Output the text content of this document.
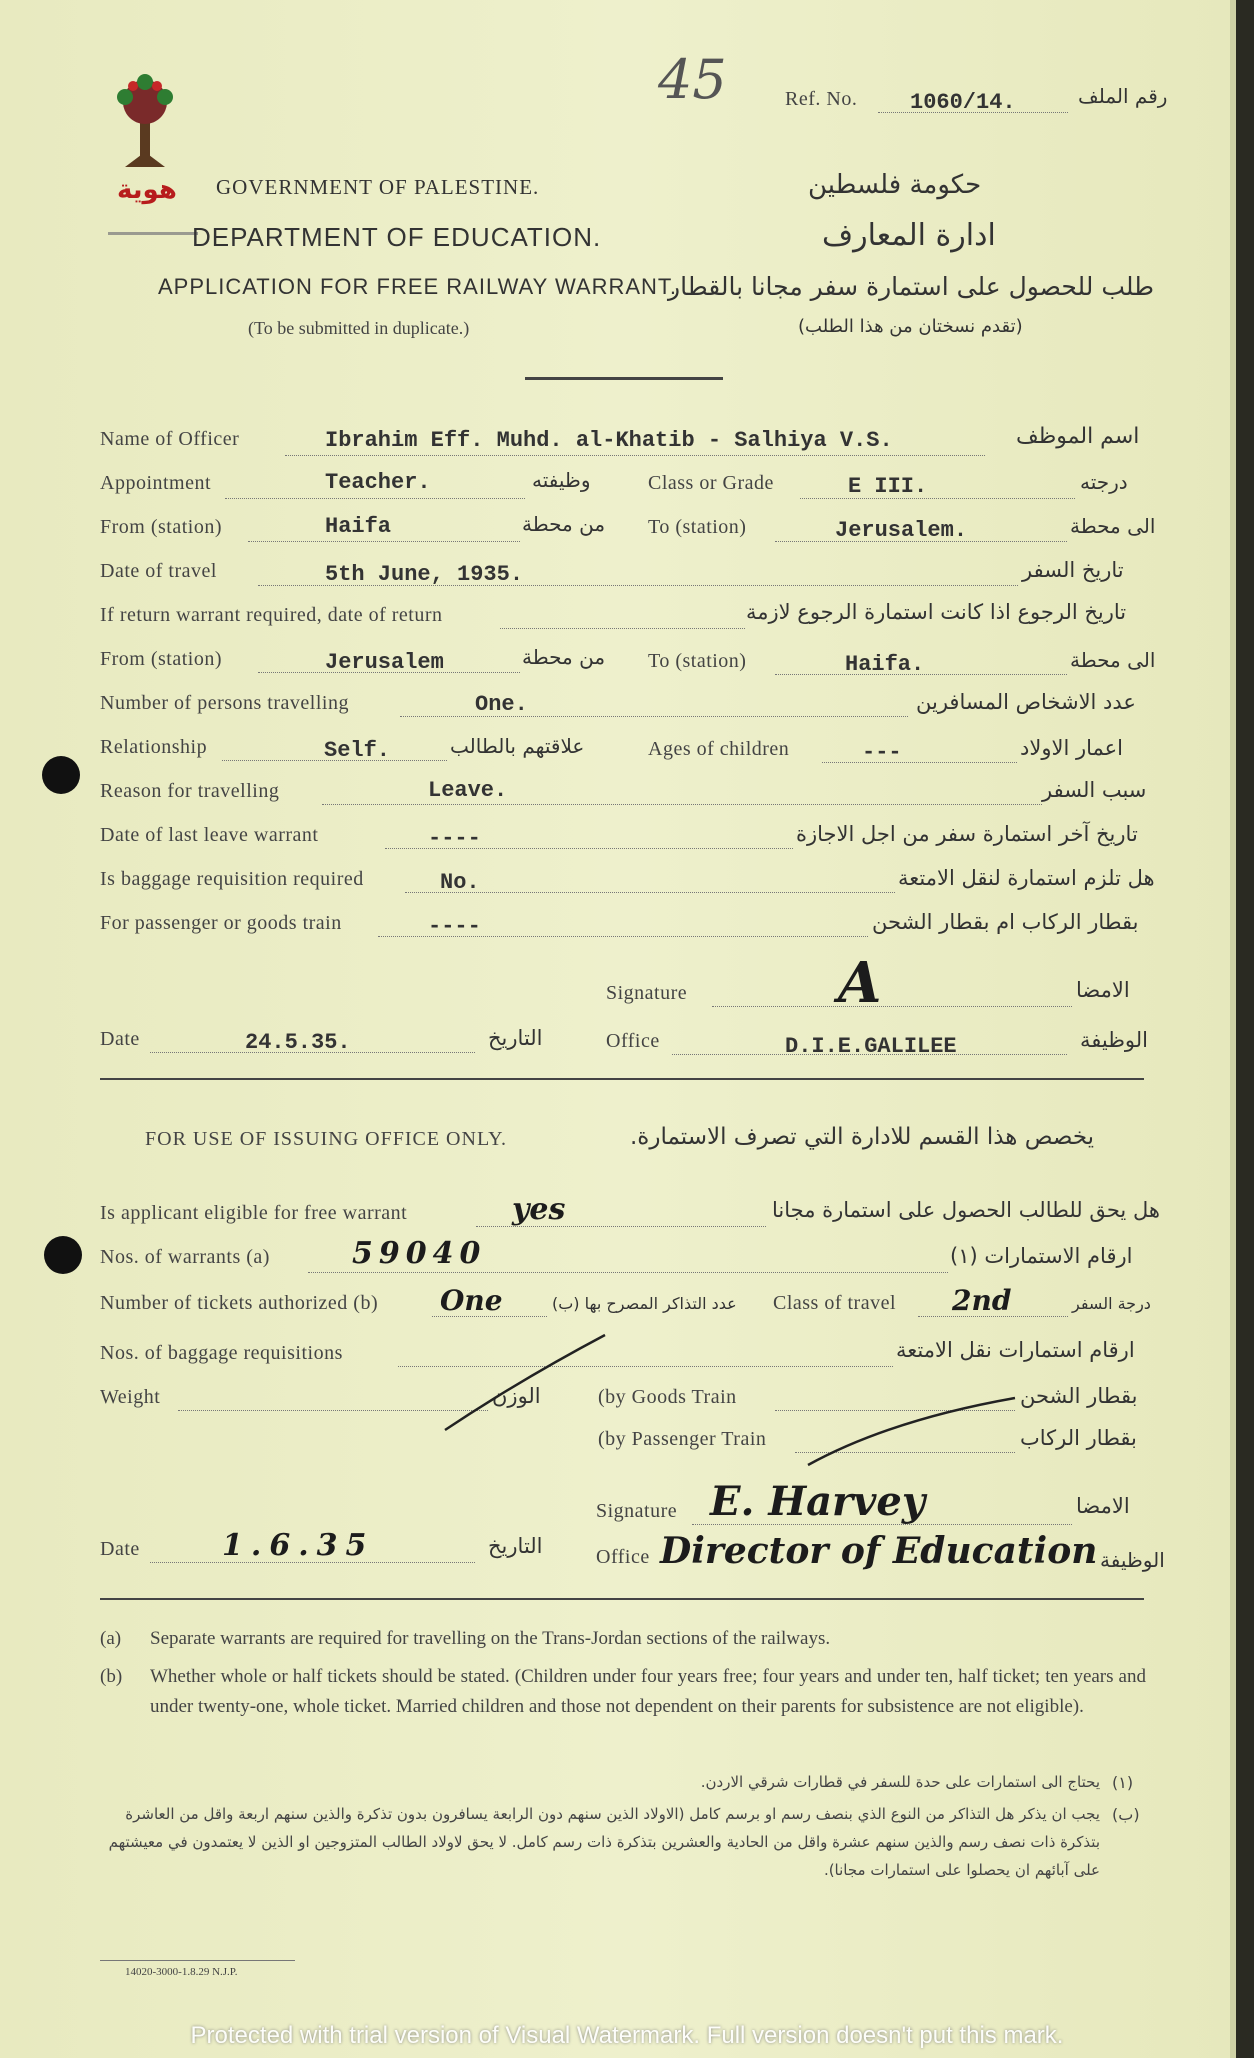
هوية
45	Ref. No. 1060/14.	رقم الملف
GOVERNMENT OF PALESTINE.	حكومة فلسطين
DEPARTMENT OF EDUCATION.	ادارة المعارف
APPLICATION FOR FREE RAILWAY WARRANT.
طلب للحصول على استمارة سفر مجانا بالقطار
(To be submitted in duplicate.)	(تقدم نسختان من هذا الطلب)
Name of Officer	Ibrahim Eff. Muhd. al-Khatib - Salhiya V.S.	اسم الموظف
Appointment	Teacher.	وظيفته	Class or Grade	E III.	درجته
From (station)	Haifa	من محطة To (station)	Jerusalem.	الى محطة
Date of travel	5th June, 1935.	تاريخ السفر
If return warrant required, date of return	تاريخ الرجوع اذا كانت استمارة الرجوع لازمة
From (station)	Jerusalem	من محطة To (station)	Haifa.	الى محطة
Number of persons travelling	One.	عدد الاشخاص المسافرين
Relationship	Self.	علاقتهم بالطالب	Ages of children	---	اعمار الاولاد
Reason for travelling	Leave.	سبب السفر
Date of last leave warrant	----	تاريخ آخر استمارة سفر من اجل الاجازة
Is baggage requisition required	No.	هل تلزم استمارة لنقل الامتعة
For passenger or goods train	----	بقطار الركاب ام بقطار الشحن
Signature	A	الامضا
Date	24.5.35.	التاريخ	Office	D.I.E.GALILEE	الوظيفة
FOR USE OF ISSUING OFFICE ONLY.	يخصص هذا القسم للادارة التي تصرف الاستمارة.
Is applicant eligible for free warrant	yes	هل يحق للطالب الحصول على استمارة مجانا
Nos. of warrants (a)	59040	ارقام الاستمارات (١)
Number of tickets authorized (b) One	عدد التذاكر المصرح بها (ب) Class of travel 2nd	درجة السفر
Nos. of baggage requisitions	ارقام استمارات نقل الامتعة
Weight	الوزن	(by Goods Train	بقطار الشحن
(by Passenger Train	بقطار الركاب
Signature E. Harvey	الامضا
Date	1.6.35	التاريخ	Office Director of Education الوظيفة
(a) Separate warrants are required for travelling on the Trans-Jordan sections of the railways.
(b) Whether whole or half tickets should be stated. (Children under four years free; four years and under ten, half ticket; ten years and under twenty-one, whole ticket. Married children and those not dependent on their parents for subsistence are not eligible).
يحتاج الى استمارات على حدة للسفر في قطارات شرقي الاردن. (١)
يجب ان يذكر هل التذاكر من النوع الذي بنصف رسم او برسم كامل (الاولاد الذين سنهم دون الرابعة يسافرون بدون تذكرة والذين سنهم اربعة واقل من العاشرة بتذكرة ذات نصف رسم والذين سنهم عشرة واقل من الحادية والعشرين بتذكرة ذات رسم كامل. لا يحق لاولاد الطالب المتزوجين او الذين لا يعتمدون في معيشتهم على آبائهم ان يحصلوا على استمارات مجانا).
(ب)
14020-3000-1.8.29 N.J.P.
Protected with trial version of Visual Watermark. Full version doesn't put this mark.
